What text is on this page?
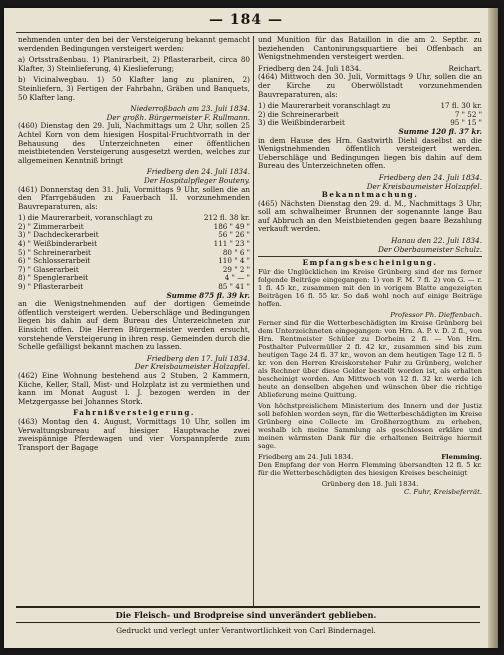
— 184 —
nehmenden unter den bei der Versteigerung bekannt gemacht werdenden Bedingungen versteigert werden:
a) Ortsstraßenbau. 1) Planirarbeit, 2) Pflasterarbeit, circa 80 Klafter, 3) Steinlieferung, 4) Kieslieferung;
b) Vicinalwegbau. 1) 50 Klafter lang zu planiren, 2) Steinliefern, 3) Fertigen der Fahrbahn, Gräben und Banquets, 50 Klafter lang.
Niederroßbach am 23. Juli 1834.
Der großh. Bürgermeister F. Rullmann.
(460) Dienstag den 29. Juli, Nachmittags um 2 Uhr, sollen 25 Achtel Korn von dem hiesigen Hospital-Fruchtvorrath in der Behausung des Unterzeichneten einer öffentlichen meistbietenden Versteigerung ausgesetzt werden, welches zur allgemeinen Kenntniß bringt
Friedberg den 24. Juli 1834.
Der Hospitalpfleger Bouteny.
(461) Donnerstag den 31. Juli, Vormittags 9 Uhr, sollen die an den Pfarrgebäuden zu Fauerbach II. vorzunehmenden Bauvreparaturen, als:
1) die Maurerarbeit, voranschlagt zu	212 fl. 38 kr.
2) " Zimmerarbeit	186 " 49 "
3) " Dachdeckerarbeit	56 " 26 "
4) " Weißbinderarbeit	111 " 23 "
5) " Schreinerarbeit	80 " 6 "
6) " Schlosserarbeit	110 " 4 "
7) " Glaserarbeit	29 " 2 "
8) " Spenglerarbeit	4 " — "
9) " Pflasterarbeit	85 " 41 "
Summe 875 fl. 39 kr.
an die Wenigstnehmenden auf der dortigen Gemeinde öffentlich versteigert werden. Ueberschläge und Bedingungen liegen bis dahin auf dem Bureau des Unterzeichneten zur Einsicht offen. Die Herren Bürgermeister werden ersucht, vorstehende Versteigerung in ihren resp. Gemeinden durch die Schelle gefälligst bekannt machen zu lassen.
Friedberg den 17. Juli 1834.
Der Kreisbaumeister Holzapfel.
(462) Eine Wohnung bestehend aus 2 Stuben, 2 Kammern, Küche, Keller, Stall, Mist- und Holzplatz ist zu vermiethen und kann im Monat August l. J. bezogen werden in der Metzgergasse bei Johannes Stork.
Fahrnißversteigerung.
(463) Montag den 4. August, Vormittags 10 Uhr, sollen im Verwaltungsbureau auf hiesiger Hauptwache zwei zweispännige Pferdewagen und vier Vorspannpferde zum Transport der Bagage
und Munition für das Bataillon in die am 2. Septbr. zu beziehenden Cantonirungsquartiere bei Offenbach an Wenigstnehmenden versteigert werden.
Friedberg den 24. Juli 1834.	Reichart.
(464) Mittwoch den 30. Juli, Vormittags 9 Uhr, sollen die an der Kirche zu Oberwöllstadt vorzunehmenden Bauvreparaturen, als:
1) die Maurerarbeit voranschlagt zu	17 fl. 30 kr.
2) die Schreinerarbeit	7 " 52 "
3) die Weißbinderarbeit	95 " 15 "
Summe 120 fl. 37 kr.
in dem Hause des Hrn. Gastwirth Diehl daselbst an die Wenigstnehmenden öffentlich versteigert werden. Ueberschläge und Bedingungen liegen bis dahin auf dem Bureau des Unterzeichneten offen.
Friedberg den 24. Juli 1834.
Der Kreisbaumeister Holzapfel.
Bekanntmachung.
(465) Nächsten Dienstag den 29. d. M., Nachmittags 3 Uhr, soll am schwalheimer Brunnen der sogenannte lange Bau auf Abbruch an den Meistbietenden gegen baare Bezahlung verkauft werden.
Hanau den 22. Juli 1834.
Der Oberbaumeister Schulz.
Empfangsbescheinigung.
Für die Unglücklichen im Kreise Grünberg sind der ms ferner folgende Beiträge eingegangen: 1) von F. M. 7 fl. 2) von G. — r. 1 fl. 45 kr., zusammen mit den in vorigem Blatte angezeigten Beiträgen 16 fl. 55 kr. So daß wohl noch auf einige Beiträge hoffen.
Professor Ph. Dieffenbach.
Ferner sind für die Wetterbeschädigten im Kreise Grünberg bei dem Unterzeichneten eingegangen: von Hrn. A. P. v. D. 2 fl., von Hrn. Rentmeister Schüler zu Dorheim 2 fl. — Von Hrn. Posthalter Pulvermüller 2 fl. 42 kr., zusammen sind bis zum heutigen Tage 24 fl. 37 kr., wovon an dem heutigen Tage 12 fl. 5 kr. von den Herren Kreiskorsteher Fuhr zu Grünberg, welcher als Rechner über diese Gelder bestellt worden ist, als erhalten bescheinigt worden. Am Mittwoch von 12 fl. 32 kr. werde ich heute an denselben abgehen und wünschen über die richtige Ablieferung meine Quittung.
Von höchstpreislichem Ministerium des Innern und der Justiz soll befohlen worden seyn, für die Wetterbeschädigten im Kreise Grünberg eine Collecte im Großherzogthum zu erheben, weshalb ich meine Sammlung als geschlossen erkläre und meinen wärmsten Dank für die erhaltenen Beiträge hiermit sage.
Friedberg am 24. Juli 1834.	Flemming.
Den Empfang der von Herrn Flemming übersandten 12 fl. 5 kr. für die Wetterbeschädigten des hiesigen Kreises bescheinigt
Grünberg den 18. Juli 1834.
C. Fuhr, Kreisbeferrät.
Die Fleisch- und Brodpreise sind unverändert geblieben.
Gedruckt und verlegt unter Verantwortlichkeit von Carl Bindernagel.
